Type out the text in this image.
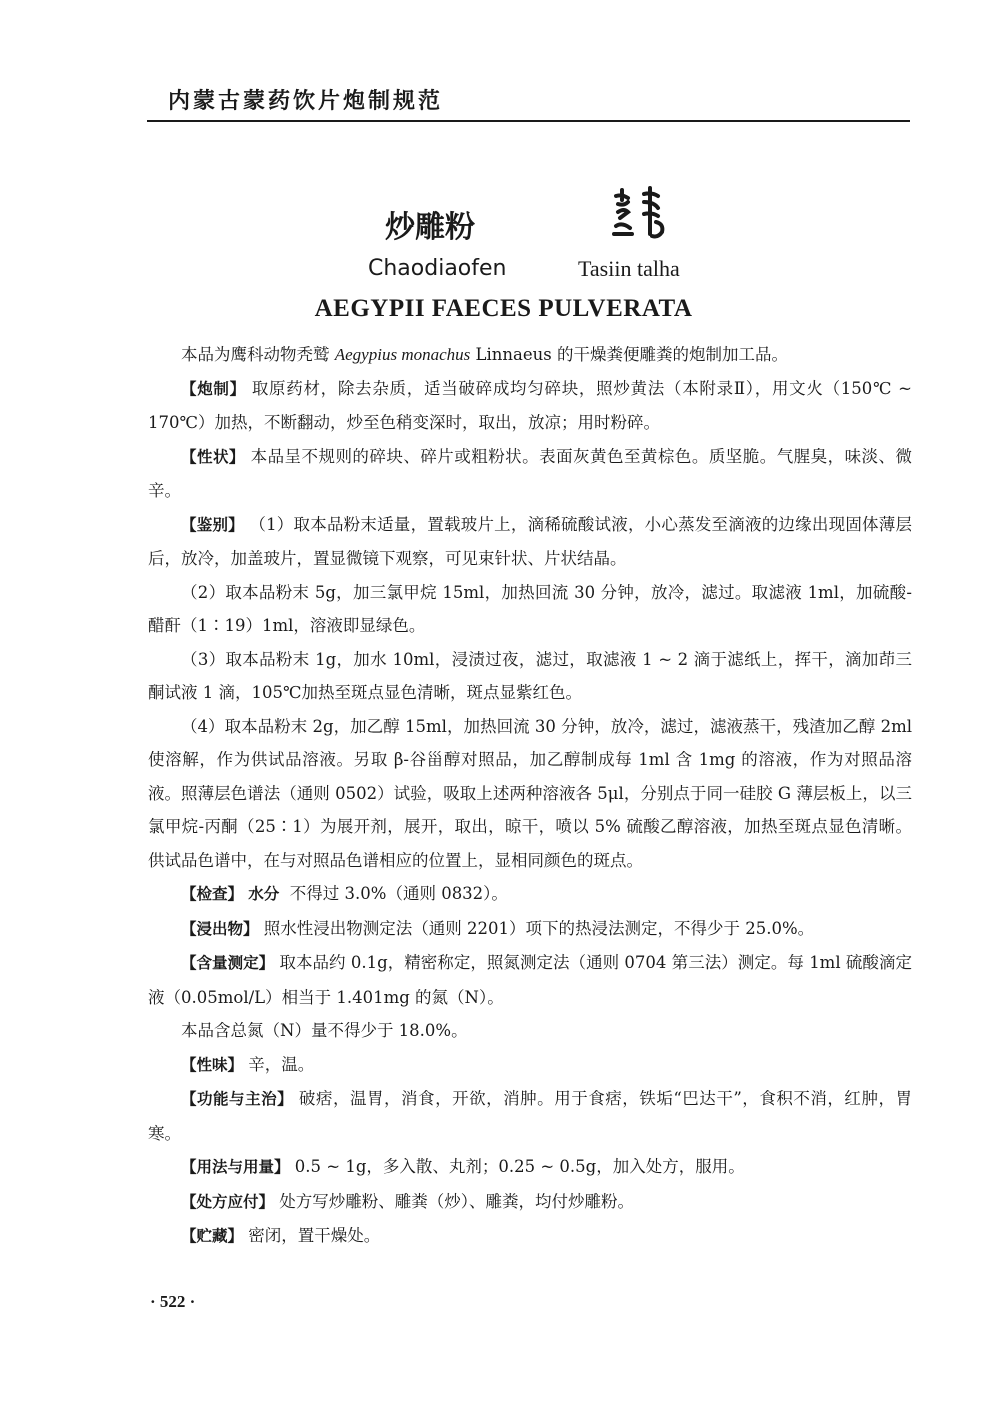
内蒙古蒙药饮片炮制规范
炒雕粉
Chaodiaofen	Tasiin talha
AEGYPII FAECES PULVERATA

本品为鹰科动物秃鹫 Aegypius monachus Linnaeus 的干燥粪便雕粪的炮制加工品。

【炮制】 取原药材，除去杂质，适当破碎成均匀碎块，照炒黄法（本附录Ⅱ），用文火（150℃ ~ 170℃）加热，不断翻动，炒至色稍变深时，取出，放凉；用时粉碎。

【性状】 本品呈不规则的碎块、碎片或粗粉状。表面灰黄色至黄棕色。质坚脆。气腥臭，味淡、微辛。

【鉴别】 （1）取本品粉末适量，置载玻片上，滴稀硫酸试液，小心蒸发至滴液的边缘出现固体薄层后，放冷，加盖玻片，置显微镜下观察，可见束针状、片状结晶。

（2）取本品粉末 5g，加三氯甲烷 15ml，加热回流 30 分钟，放冷，滤过。取滤液 1ml，加硫酸-醋酐（1∶19）1ml，溶液即显绿色。

（3）取本品粉末 1g，加水 10ml，浸渍过夜，滤过，取滤液 1 ~ 2 滴于滤纸上，挥干，滴加茚三酮试液 1 滴，105℃加热至斑点显色清晰，斑点显紫红色。

（4）取本品粉末 2g，加乙醇 15ml，加热回流 30 分钟，放冷，滤过，滤液蒸干，残渣加乙醇 2ml 使溶解，作为供试品溶液。另取 β-谷甾醇对照品，加乙醇制成每 1ml 含 1mg 的溶液，作为对照品溶液。照薄层色谱法（通则 0502）试验，吸取上述两种溶液各 5μl，分别点于同一硅胶 G 薄层板上，以三氯甲烷-丙酮（25∶1）为展开剂，展开，取出，晾干，喷以 5% 硫酸乙醇溶液，加热至斑点显色清晰。供试品色谱中，在与对照品色谱相应的位置上，显相同颜色的斑点。

【检查】 水分 不得过 3.0%（通则 0832）。

【浸出物】 照水性浸出物测定法（通则 2201）项下的热浸法测定，不得少于 25.0%。

【含量测定】 取本品约 0.1g，精密称定，照氮测定法（通则 0704 第三法）测定。每 1ml 硫酸滴定液（0.05mol/L）相当于 1.401mg 的氮（N）。

本品含总氮（N）量不得少于 18.0%。

【性味】 辛，温。

【功能与主治】 破痞，温胃，消食，开欲，消肿。用于食痞，铁垢“巴达干”，食积不消，红肿，胃寒。

【用法与用量】 0.5 ~ 1g，多入散、丸剂；0.25 ~ 0.5g，加入处方，服用。

【处方应付】 处方写炒雕粉、雕粪（炒）、雕粪，均付炒雕粉。

【贮藏】 密闭，置干燥处。

· 522 ·
